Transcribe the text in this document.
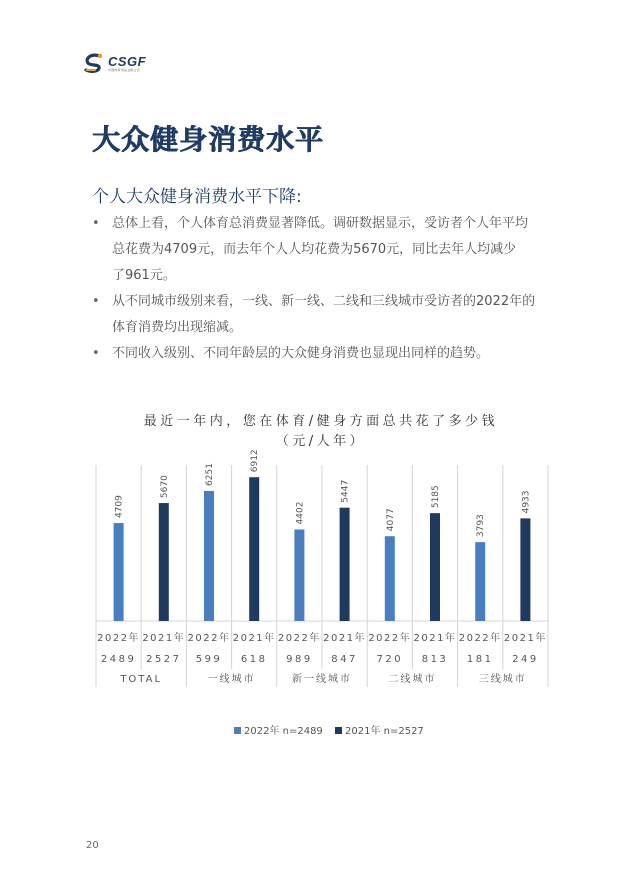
CSGF
中国体育用品业联合会
大众健身消费水平
个人大众健身消费水平下降:
• 总体上看，个人体育总消费显著降低。调研数据显示，受访者个人年平均
总花费为4709元，而去年个人人均花费为5670元，同比去年人均减少
了961元。
• 从不同城市级别来看，一线、新一线、二线和三线城市受访者的2022年的
体育消费均出现缩减。
• 不同收入级别、不同年龄层的大众健身消费也显现出同样的趋势。
最近一年内，您在体育/健身方面总共花了多少钱
（元/人年）
4709
2022年
2489
5670
2021年
2527
TOTAL
6251
2022年
599
6912
2021年
618
一线城市
4402
2022年
989
5447
2021年
847
新一线城市
4077
2022年
720
5185
2021年
813
二线城市
3793
2022年
181
4933
2021年
249
三线城市
2022年 n=2489 2021年 n=2527
20
